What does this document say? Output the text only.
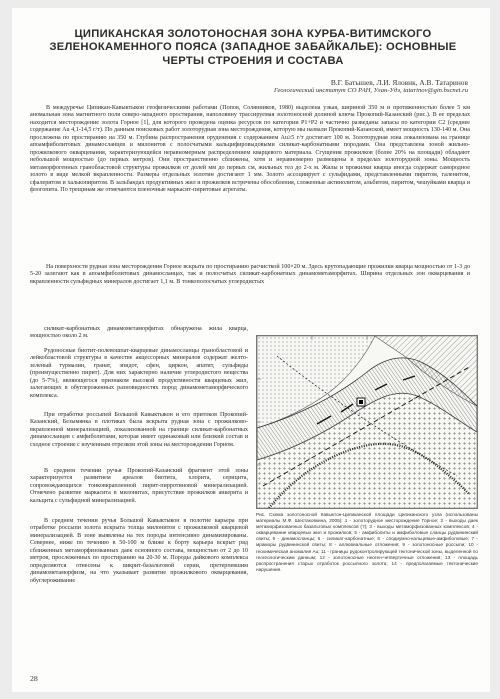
ЦИПИКАНСКАЯ ЗОЛОТОНОСНАЯ ЗОНА КУРБА-ВИТИМСКОГО ЗЕЛЕНОКАМЕННОГО ПОЯСА (ЗАПАДНОЕ ЗАБАЙКАЛЬЕ): ОСНОВНЫЕ ЧЕРТЫ СТРОЕНИЯ И СОСТАВА
В.Г. Батышев, Л.И. Яловик, А.В. Татаринов
Геологический институт СО РАН, Улан-Удэ, tatarinov@gin.bscnet.ru

В междуречье Ципикан-Кавыктыкон геофизическими работами (Попов, Солянников, 1980) выделена узкая, шириной 350 м и протяженностью более 5 км аномальная зона магнитного поля северо-западного простирания, наполовину трассируемая золотоносной долиной ключа Прокопий-Казанский (рис.). В ее пределах находится месторождение золота Горное [1], для которого проведена оценка ресурсов по категории Р1+Р2 и частично разведаны запасы по категории С2 (среднее содержание Au 4,1-14,5 г/т). По данным поисковых работ золоторудная зона месторождения, которую мы назвали Прокопий-Казанской, имеет мощность 130-140 м. Она прослежена по простиранию на 350 м. Глубина распространения оруденения с содержанием Au≥5 г/т достигает 100 м. Золоторудная зона локализована на границе апоамфиболитовых динамосланцев и милонитов с полосчатыми кальцифировыдовыми силикат-карбонатными породами. Она представлена зоной жильно-прожилкового окварцевания, характеризующейся неравномерным распределением кварцевого материала. Сгущения прожилков (более 20% на площади) обладают небольшой мощностью (до первых метров). Они пространственно сближены, хотя и неравномерно размещены в пределах золоторудной зоны. Мощность метаморфогенных гранобластовой структуры прожилков от долей мм до первых см, жильных тел до 2-х м. Жилы и прожилки кварца иногда содержат самородное золото в виде мелкой вкрапленности. Размеры отдельных золотин достигают 1 мм. Золото ассоциирует с сульфидами, представленными пиритом, галенитом, сфалеритом и халькопиритом. В зальбандах продуктивных жил и прожилков встречены обособления, сложенные актинолитом, альбитом, пиритом, чешуйками кварца и флогопита. По трещинам же отмечаются пленочные маркасит-пиритовые агрегаты.

На поверхности рудная зона месторождения Горное вскрыта по простиранию расчисткой 100×20 м. Здесь крутопадающие прожилки кварца мощностью от 1-3 до 5-20 залегают как в апоамфиболитовых динамосланцах, так и полосчатых силикат-карбонатных динамометаморфитах. Ширина отдельных зон окварцевания и вкрапленности сульфидных минералов достигает 1,1 м. В тонкополосчатых углеродистых

силикат-карбонатных динамометаморфитах обнаружена жила кварца, мощностью около 2 м.

Рудоносные биотит-полевошпат-кварцевые динамосланцы гранобластовой и лейкобластовой структуры в качестве акцессорных минералов содержат желто-зеленый турмалин, гранат, эпидот, сфен, циркон, апатит, сульфиды (преимущественно пирит). Для них характерно наличие углеродистого вещества (до 5-7%), являющегося признаком высокой продуктивности кварцевых жил, залегающих в обуглероженных разновидностях пород динамометаморфического комплекса.

При отработке россыпей Большой Кавыктыкон и его притоков Прокопий-Казанский, Безымянка в плотиках была вскрыта рудная зона с прожилково-вкрапленной минерализацией, локализованной на границе силикат-карбонатных динамосланцев с амфиболитами, которая имеет одинаковый или близкий состав и сходное строение с изученным отрезком этой зоны на месторождении Горном.

В среднем течении ручья Прокопий-Казанский фрагмент этой зоны характеризуется развитием ареалов биотита, хлорита, серицита, сопровождающихся тонковкрапленной пирит-пирротиновой минерализацией. Отмечено развитие маркасита в милонитах, присутствие прожилков анкерита и кальцита с сульфидной минерализацией.

В среднем течении ручья Большой Кавыктыкон в полотне карьера при отработке россыпи золота вскрыта толща милонитов с прожилковой кварцевой минерализацией. В зоне выявлены на тех породы интенсивно динамизированы. Севернее, ниже по течению в 50-100 м ближе к борту карьера вскрыт ряд сближенных метаморфизованных даек основного состава, мощностью от 2 до 10 метров, прослеженных по простиранию на 20-30 м. Породы дайкового комплекса определяются отнесены к пикрит-базальтовой серии, претерпевшим динамометаморфизм, на что указывает развитие прожилкового окварцевания, обуглероживание

Рис. Схема золотоносной Кавыктон-Ципиканской площади Ципиканского узла (использованы материалы М.Ф. Шестаковкина, 2005): 1 - золоторудное месторождение Горное; 2 - выходы даек метаморфизованных базальтовых комплексов (?); 3 - выходы метаморфизованных комплексов; 4 - окварцевание кварцевых жил и прожилков; 5 - амфиболиты и амфиболовые сланцы рудвининский свиты; 6 - динамосланцы; 6 - силикат-карбонатные; 6 - сподиумно-кальцевые-амфиболовые; 7 - мраморы рудвининской свиты; 8 - аллювиальные отложения; 9 - золотоносные россыпи; 10 - геохимическая аномалия Au; 11 - границы рудоконтролирующей тектонической зоны, выделенной по геогеологическим данным; 12 - золотоносные неоген-четвертичные отложения; 13 - площадь распространения старых отработок россыпного золота; 14 - предполагаемые тектонические нарушения.

28
